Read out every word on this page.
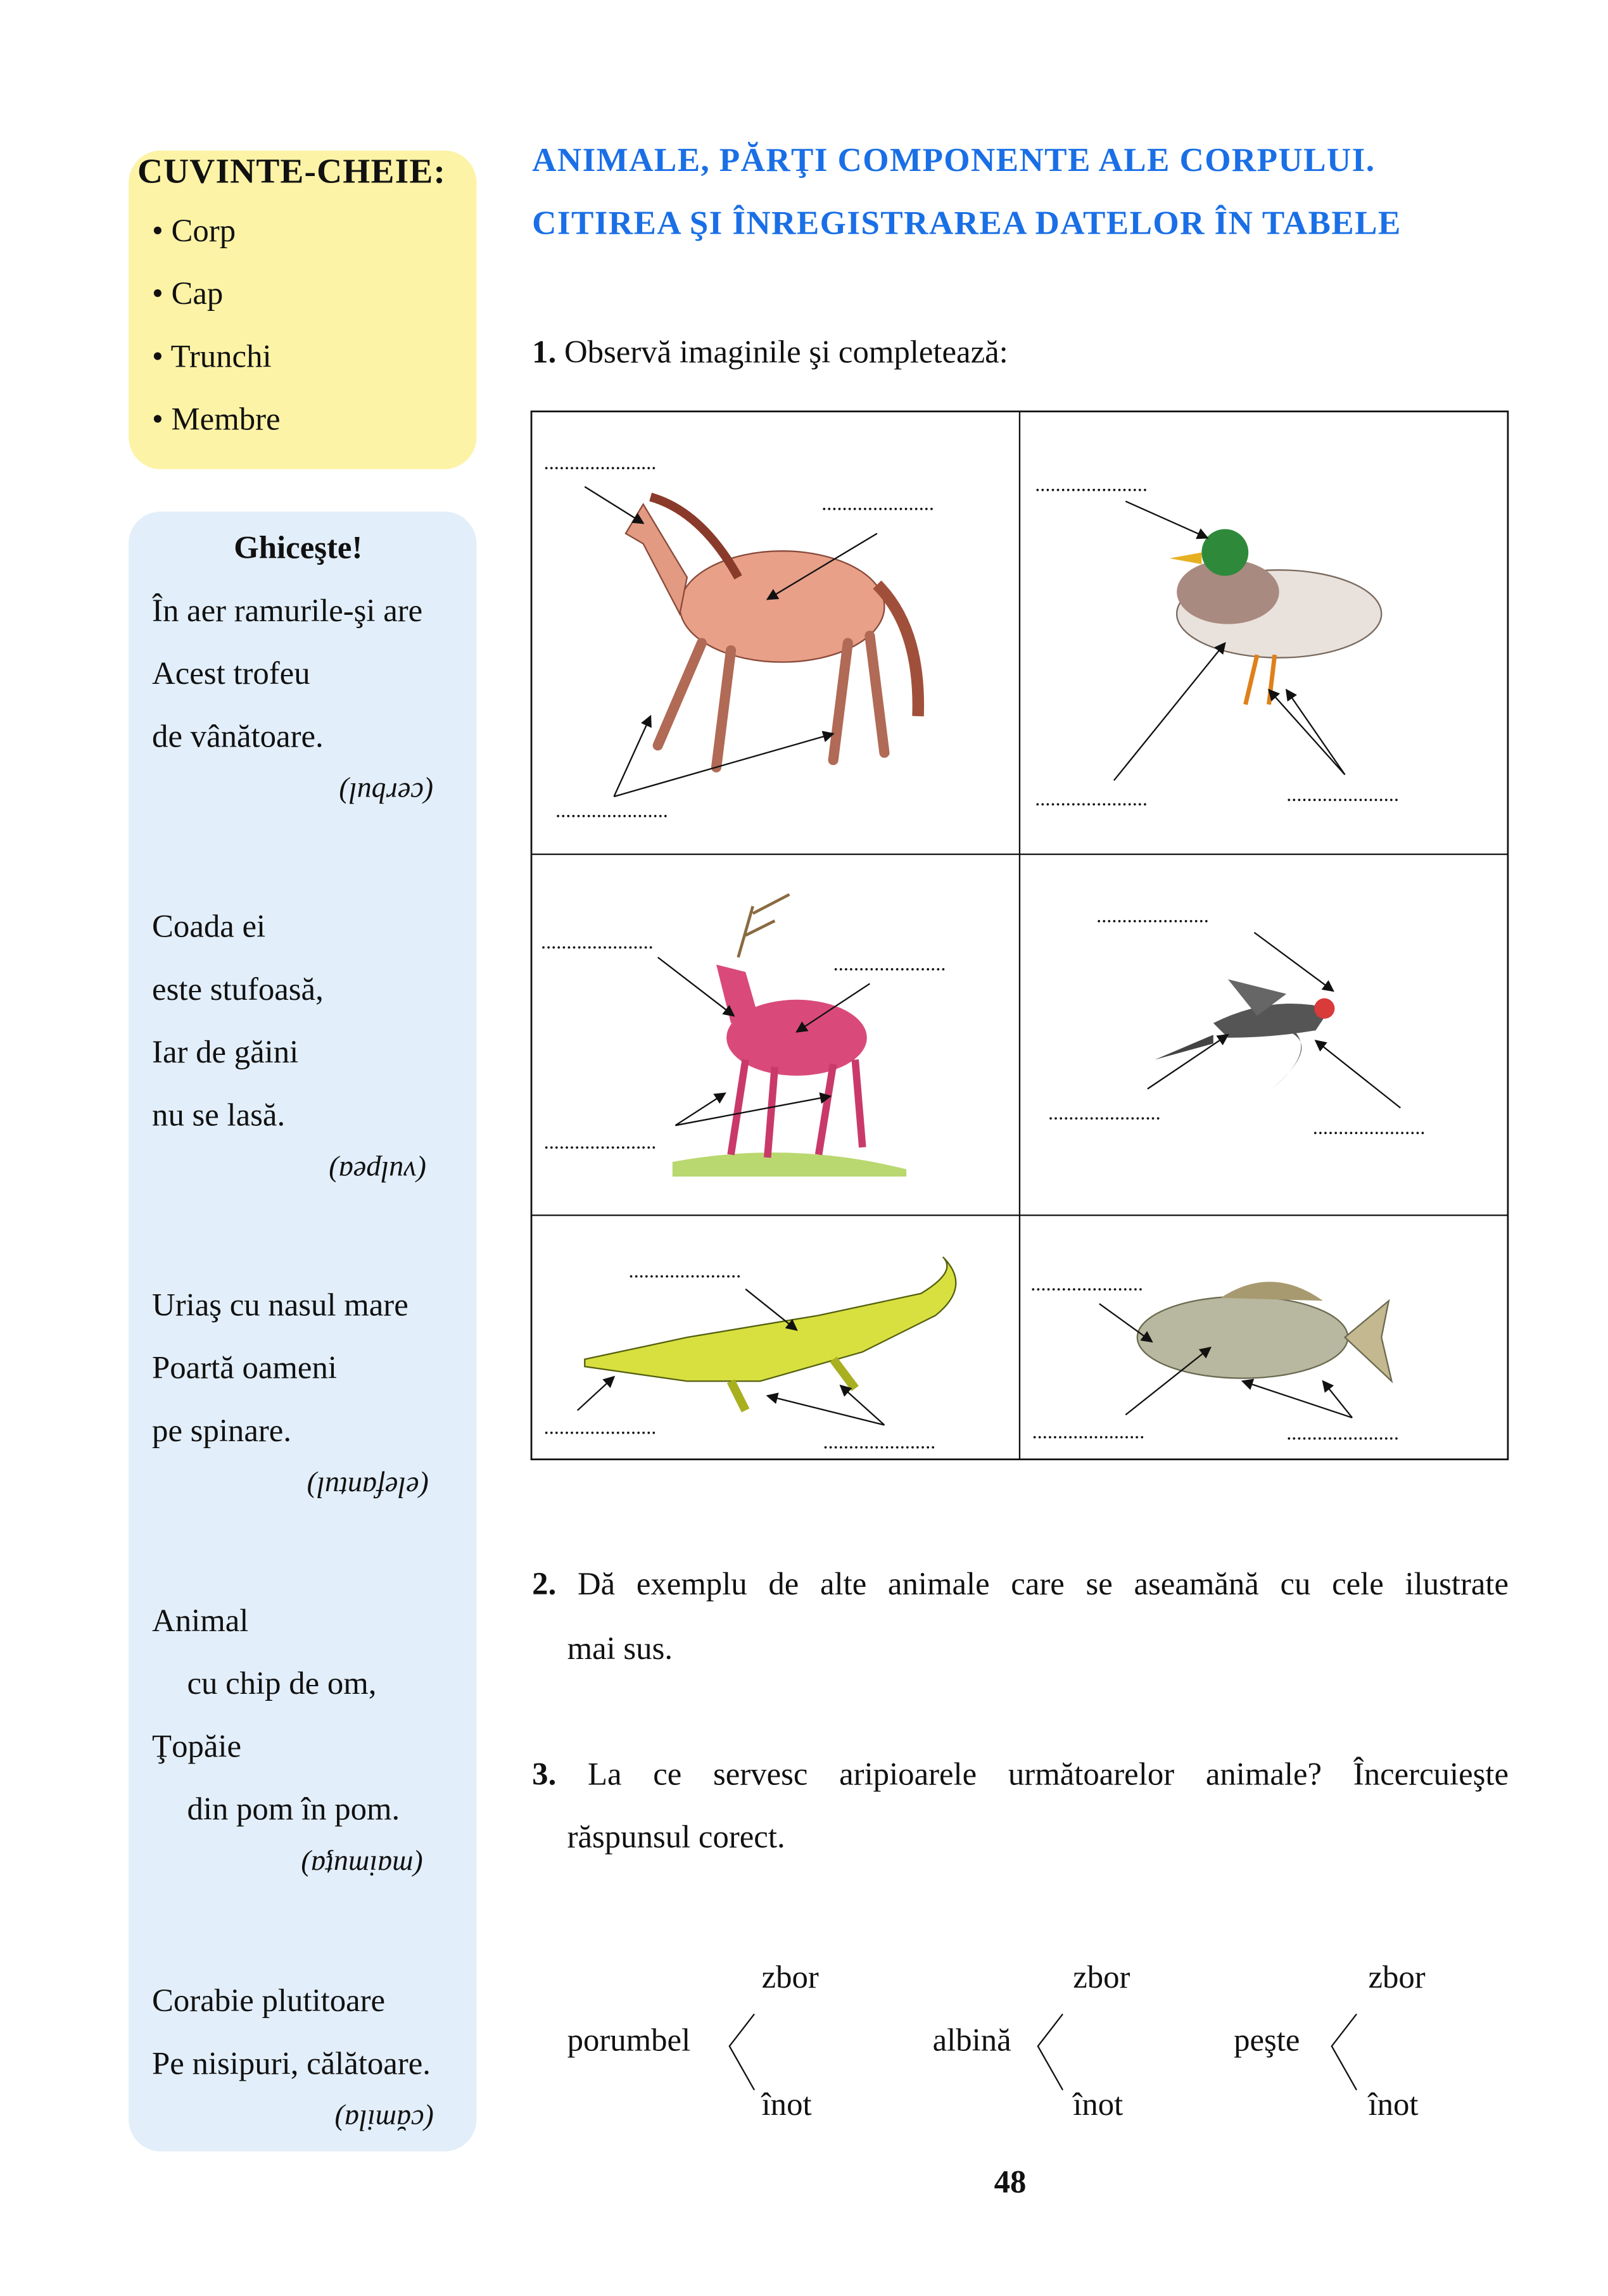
CUVINTE-CHEIE:
• Corp
• Cap
• Trunchi
• Membre
Ghiceşte!
În aer ramurile-şi are
Acest trofeu
de vânătoare.
(cerbul)
Coada ei
este stufoasă,
Iar de găini
nu se lasă.
(vulpea)
Uriaş cu nasul mare
Poartă oameni
pe spinare.
(elefantul)
Animal
cu chip de om,
Ţopăie
din pom în pom.
(maimuţa)
Corabie plutitoare
Pe nisipuri, călătoare.
(cămila)
ANIMALE, PĂRŢI COMPONENTE ALE CORPULUI.
CITIREA ŞI ÎNREGISTRAREA DATELOR ÎN TABELE
1. Observă imaginile şi completează:
......................
......................
......................
......................
......................	......................
......................
......................
......................
......................
......................
......................
......................
......................
......................
......................
......................	......................
2. Dă exemplu de alte animale care se aseamănă cu cele ilustrate
mai sus.
3. La ce servesc aripioarele următoarelor animale? Încercuieşte
răspunsul corect.
porumbel
zbor
înot
albină
zbor
înot
peşte
zbor
înot
48
